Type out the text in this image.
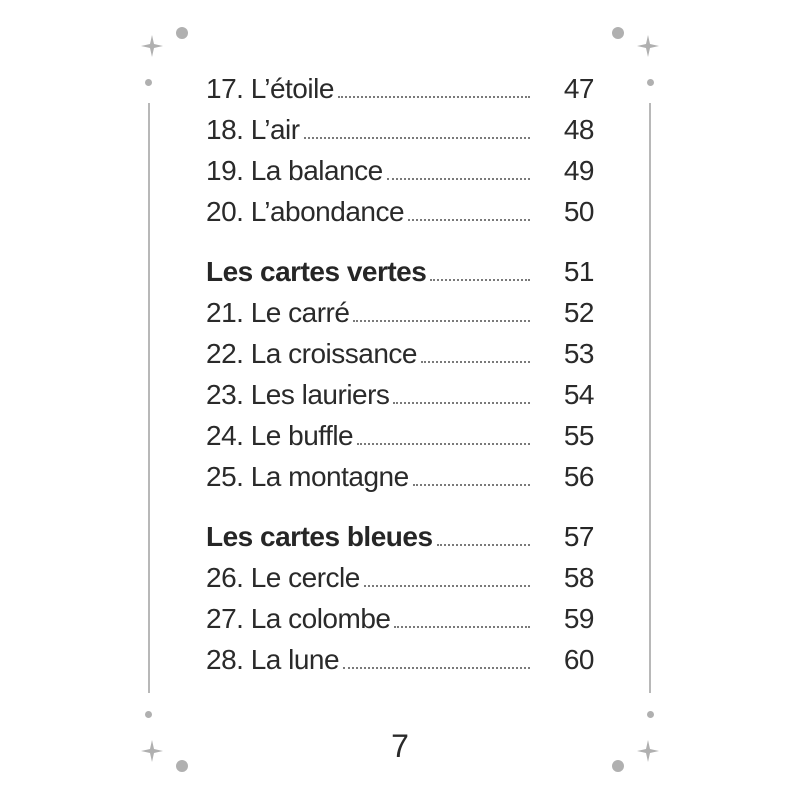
17. L’étoile	47
18. L’air	48
19. La balance	49
20. L’abondance	50
Les cartes vertes	51
21. Le carré	52
22. La croissance	53
23. Les lauriers	54
24. Le buffle	55
25. La montagne	56
Les cartes bleues	57
26. Le cercle	58
27. La colombe	59
28. La lune	60
7
